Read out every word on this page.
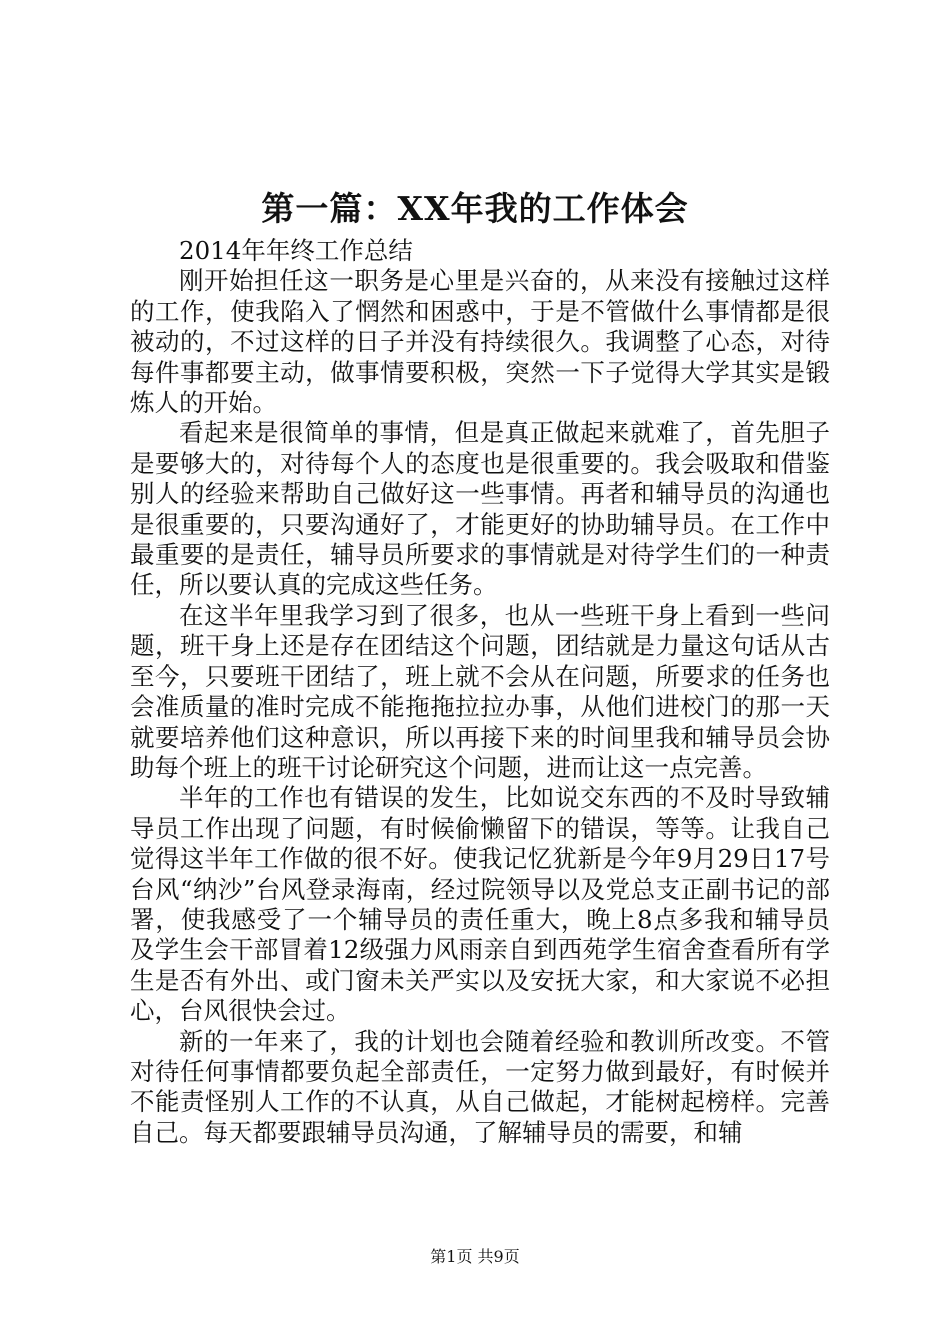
第一篇：XX年我的工作体会
2014年年终工作总结

刚开始担任这一职务是心里是兴奋的，从来没有接触过这样的工作，使我陷入了惘然和困惑中，于是不管做什么事情都是很被动的，不过这样的日子并没有持续很久。我调整了心态，对待每件事都要主动，做事情要积极，突然一下子觉得大学其实是锻炼人的开始。

看起来是很简单的事情，但是真正做起来就难了，首先胆子是要够大的，对待每个人的态度也是很重要的。我会吸取和借鉴别人的经验来帮助自己做好这一些事情。再者和辅导员的沟通也是很重要的，只要沟通好了，才能更好的协助辅导员。在工作中最重要的是责任，辅导员所要求的事情就是对待学生们的一种责任，所以要认真的完成这些任务。

在这半年里我学习到了很多，也从一些班干身上看到一些问题，班干身上还是存在团结这个问题，团结就是力量这句话从古至今，只要班干团结了，班上就不会从在问题，所要求的任务也会准质量的准时完成不能拖拖拉拉办事，从他们进校门的那一天就要培养他们这种意识，所以再接下来的时间里我和辅导员会协助每个班上的班干讨论研究这个问题，进而让这一点完善。

半年的工作也有错误的发生，比如说交东西的不及时导致辅导员工作出现了问题，有时候偷懒留下的错误，等等。让我自己觉得这半年工作做的很不好。使我记忆犹新是今年9月29日17号台风“纳沙”台风登录海南，经过院领导以及党总支正副书记的部署，使我感受了一个辅导员的责任重大，晚上8点多我和辅导员及学生会干部冒着12级强力风雨亲自到西苑学生宿舍查看所有学生是否有外出、或门窗未关严实以及安抚大家，和大家说不必担心，台风很快会过。

新的一年来了，我的计划也会随着经验和教训所改变。不管对待任何事情都要负起全部责任，一定努力做到最好，有时候并不能责怪别人工作的不认真，从自己做起，才能树起榜样。完善自己。每天都要跟辅导员沟通，了解辅导员的需要，和辅

第1页 共9页
